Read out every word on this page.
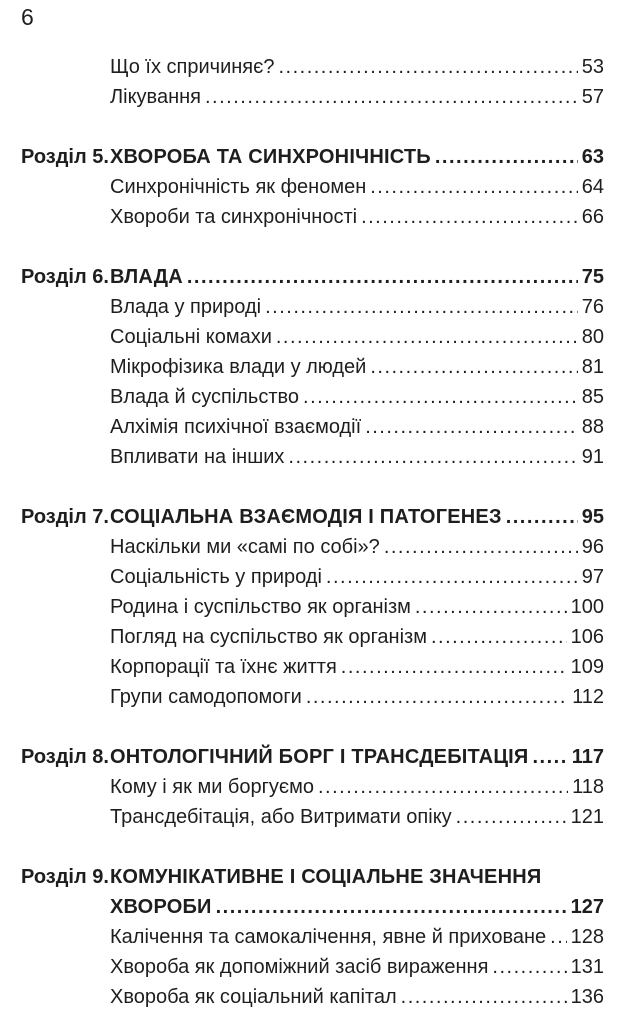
6
Що їх спричиняє? .....	53
Лікування .....	57
Розділ 5. ХВОРОБА ТА СИНХРОНІЧНІСТЬ .....	63
Синхронічність як феномен .....	64
Хвороби та синхронічності .....	66
Розділ 6. ВЛАДА .....	75
Влада у природі .....	76
Соціальні комахи .....	80
Мікрофізика влади у людей .....	81
Влада й суспільство .....	85
Алхімія психічної взаємодії .....	88
Впливати на інших .....	91
Розділ 7. СОЦІАЛЬНА ВЗАЄМОДІЯ І ПАТОГЕНЕЗ .....	95
Наскільки ми «самі по собі»? .....	96
Соціальність у природі .....	97
Родина і суспільство як організм .....	100
Погляд на суспільство як організм .....	106
Корпорації та їхнє життя .....	109
Групи самодопомоги .....	112
Розділ 8. ОНТОЛОГІЧНИЙ БОРГ І ТРАНСДЕБІТАЦІЯ ..... 117
Кому і як ми боргуємо .....	118
Трансдебітація, або Витримати опіку .....	121
Розділ 9. КОМУНІКАТИВНЕ І СОЦІАЛЬНЕ ЗНАЧЕННЯ
ХВОРОБИ .....	127
Калічення та самокалічення, явне й приховане ..... 128
Хвороба як допоміжний засіб вираження .....	131
Хвороба як соціальний капітал .....	136
